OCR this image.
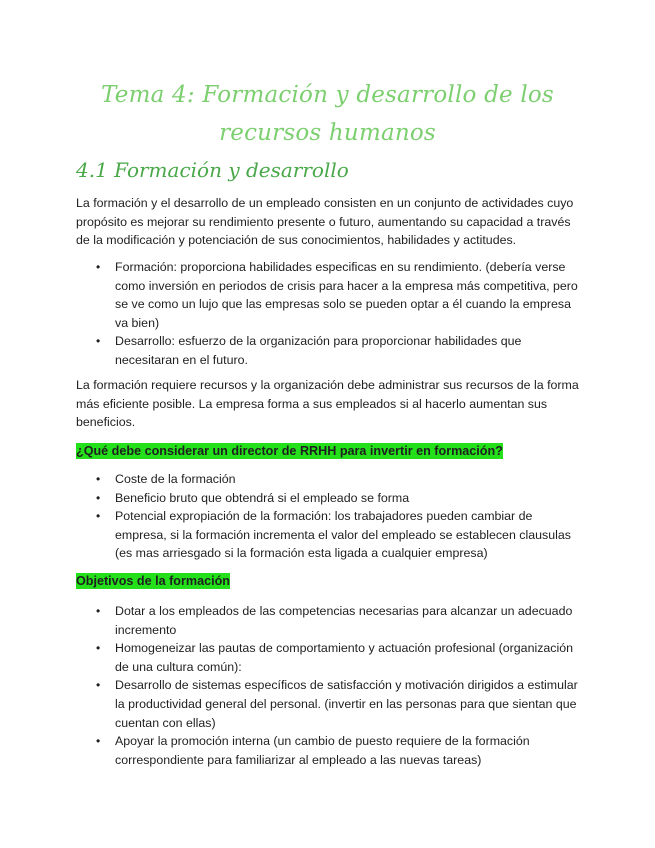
Tema 4: Formación y desarrollo de los recursos humanos
4.1 Formación y desarrollo

La formación y el desarrollo de un empleado consisten en un conjunto de actividades cuyo propósito es mejorar su rendimiento presente o futuro, aumentando su capacidad a través de la modificación y potenciación de sus conocimientos, habilidades y actitudes.

• Formación: proporciona habilidades especificas en su rendimiento. (debería verse como inversión en periodos de crisis para hacer a la empresa más competitiva, pero se ve como un lujo que las empresas solo se pueden optar a él cuando la empresa va bien)
• Desarrollo: esfuerzo de la organización para proporcionar habilidades que necesitaran en el futuro.

La formación requiere recursos y la organización debe administrar sus recursos de la forma más eficiente posible. La empresa forma a sus empleados si al hacerlo aumentan sus beneficios.

¿Qué debe considerar un director de RRHH para invertir en formación?
• Coste de la formación
• Beneficio bruto que obtendrá si el empleado se forma
• Potencial expropiación de la formación: los trabajadores pueden cambiar de empresa, si la formación incrementa el valor del empleado se establecen clausulas (es mas arriesgado si la formación esta ligada a cualquier empresa)
Objetivos de la formación
• Dotar a los empleados de las competencias necesarias para alcanzar un adecuado incremento
• Homogeneizar las pautas de comportamiento y actuación profesional (organización de una cultura común):
• Desarrollo de sistemas específicos de satisfacción y motivación dirigidos a estimular la productividad general del personal. (invertir en las personas para que sientan que cuentan con ellas)
• Apoyar la promoción interna (un cambio de puesto requiere de la formación correspondiente para familiarizar al empleado a las nuevas tareas)
